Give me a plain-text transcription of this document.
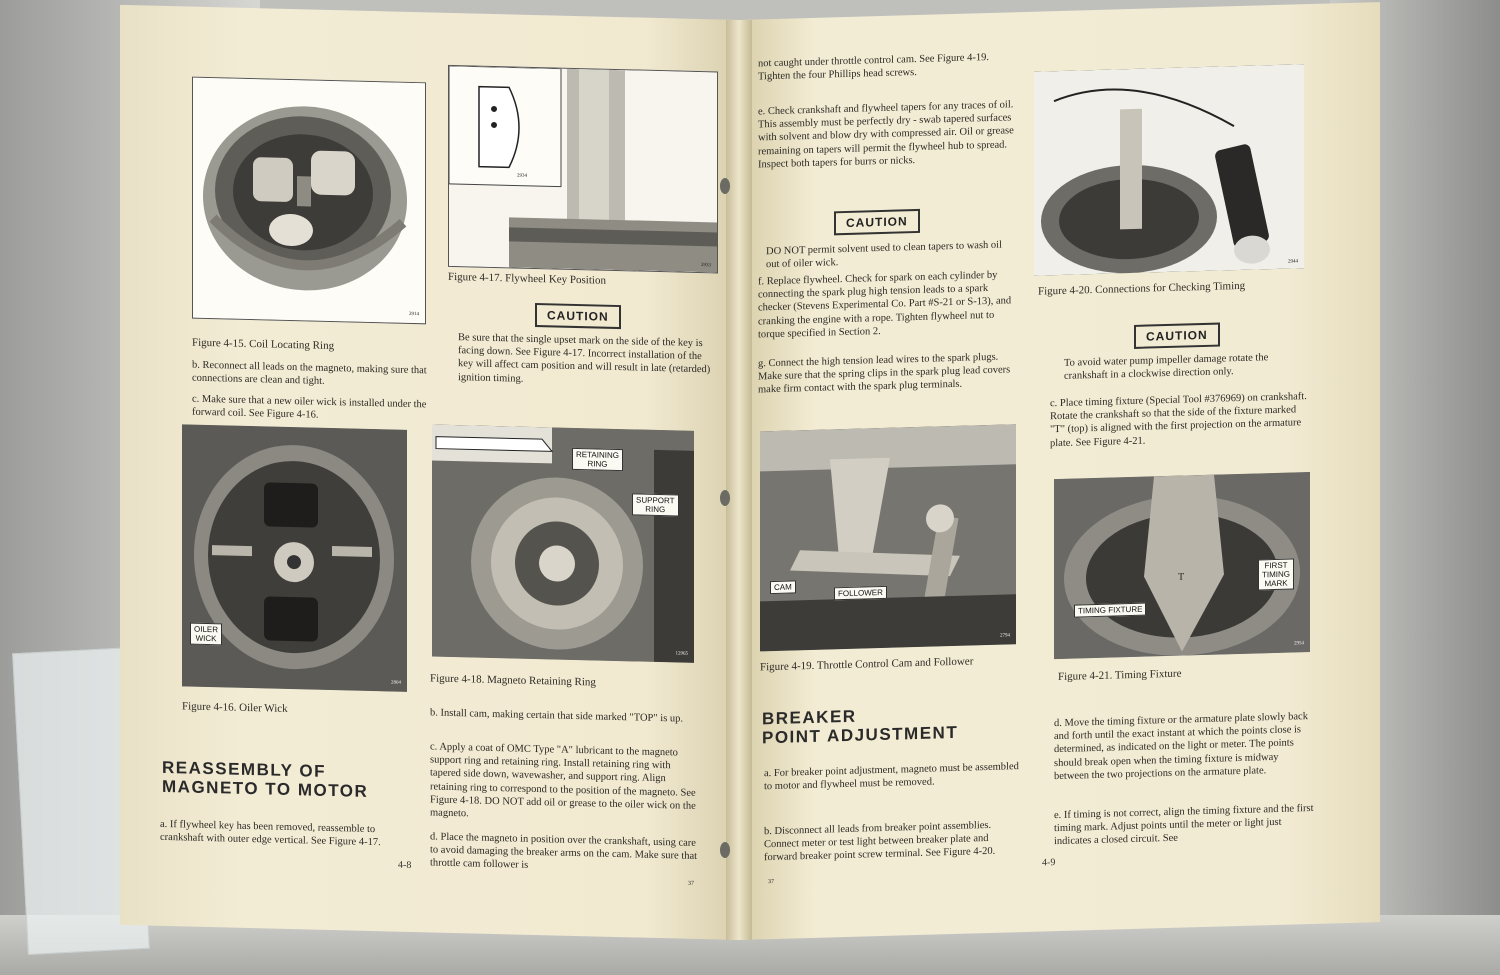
2914
Figure 4-15. Coil Locating Ring
2934
2933
Figure 4-17. Flywheel Key Position

b. Reconnect all leads on the magneto, making sure that connections are clean and tight.

c. Make sure that a new oiler wick is installed under the forward coil. See Figure 4-16.

CAUTION
Be sure that the single upset mark on the side of the key is facing down. See Figure 4-17. Incorrect installation of the key will affect cam position and will result in late (retarded) ignition timing.
OILER
WICK
2804
Figure 4-16. Oiler Wick
RETAINING
RING
SUPPORT
RING
12965
Figure 4-18. Magneto Retaining Ring
b. Install cam, making certain that side marked "TOP" is up.
c. Apply a coat of OMC Type "A" lubricant to the magneto support ring and retaining ring. Install retaining ring with tapered side down, wavewasher, and support ring. Align retaining ring to correspond to the position of the magneto. See Figure 4-18. DO NOT add oil or grease to the oiler wick on the magneto.
d. Place the magneto in position over the crankshaft, using care to avoid damaging the breaker arms on the cam. Make sure that throttle cam follower is
REASSEMBLY OF
MAGNETO TO MOTOR
a. If flywheel key has been removed, reassemble to crankshaft with outer edge vertical. See Figure 4-17.
4-8
37
not caught under throttle control cam. See Figure 4-19. Tighten the four Phillips head screws.
e. Check crankshaft and flywheel tapers for any traces of oil. This assembly must be perfectly dry - swab tapered surfaces with solvent and blow dry with compressed air. Oil or grease remaining on tapers will permit the flywheel hub to spread. Inspect both tapers for burrs or nicks.
CAUTION
DO NOT permit solvent used to clean tapers to wash oil out of oiler wick.
f. Replace flywheel. Check for spark on each cylinder by connecting the spark plug high tension leads to a spark checker (Stevens Experimental Co. Part #S-21 or S-13), and cranking the engine with a rope. Tighten flywheel nut to torque specified in Section 2.
g. Connect the high tension lead wires to the spark plugs. Make sure that the spring clips in the spark plug lead covers make firm contact with the spark plug terminals.
CAM
FOLLOWER
2794
Figure 4-19. Throttle Control Cam and Follower
BREAKER
POINT ADJUSTMENT
a. For breaker point adjustment, magneto must be assembled to motor and flywheel must be removed.
b. Disconnect all leads from breaker point assemblies. Connect meter or test light between breaker plate and forward breaker point screw terminal. See Figure 4-20.
2944
Figure 4-20. Connections for Checking Timing
CAUTION
To avoid water pump impeller damage rotate the crankshaft in a clockwise direction only.
c. Place timing fixture (Special Tool #376969) on crankshaft. Rotate the crankshaft so that the side of the fixture marked "T" (top) is aligned with the first projection on the armature plate. See Figure 4-21.
T
FIRST
TIMING
MARK
TIMING FIXTURE
2954
Figure 4-21. Timing Fixture
d. Move the timing fixture or the armature plate slowly back and forth until the exact instant at which the points close is determined, as indicated on the light or meter. The points should break open when the timing fixture is midway between the two projections on the armature plate.
e. If timing is not correct, align the timing fixture and the first timing mark. Adjust points until the meter or light just indicates a closed circuit. See
4-9
37
